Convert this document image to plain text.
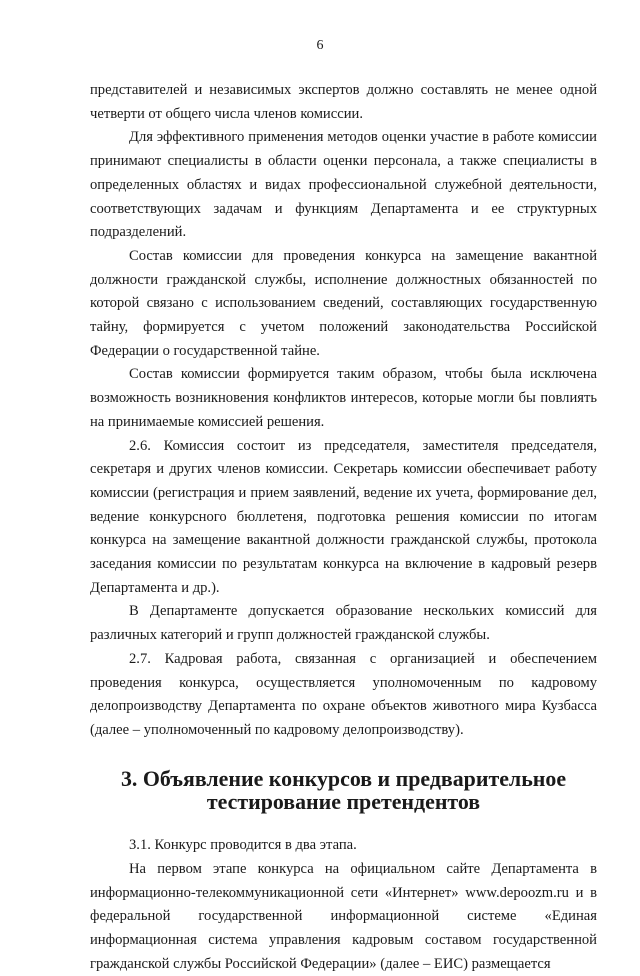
6

представителей и независимых экспертов должно составлять не менее одной четверти от общего числа членов комиссии.

Для эффективного применения методов оценки участие в работе комиссии принимают специалисты в области оценки персонала, а также специалисты в определенных областях и видах профессиональной служебной деятельности, соответствующих задачам и функциям Департамента и ее структурных подразделений.

Состав комиссии для проведения конкурса на замещение вакантной должности гражданской службы, исполнение должностных обязанностей по которой связано с использованием сведений, составляющих государственную тайну, формируется с учетом положений законодательства Российской Федерации о государственной тайне.

Состав комиссии формируется таким образом, чтобы была исключена возможность возникновения конфликтов интересов, которые могли бы повлиять на принимаемые комиссией решения.

2.6. Комиссия состоит из председателя, заместителя председателя, секретаря и других членов комиссии. Секретарь комиссии обеспечивает работу комиссии (регистрация и прием заявлений, ведение их учета, формирование дел, ведение конкурсного бюллетеня, подготовка решения комиссии по итогам конкурса на замещение вакантной должности гражданской службы, протокола заседания комиссии по результатам конкурса на включение в кадровый резерв Департамента и др.).

В Департаменте допускается образование нескольких комиссий для различных категорий и групп должностей гражданской службы.

2.7. Кадровая работа, связанная с организацией и обеспечением проведения конкурса, осуществляется уполномоченным по кадровому делопроизводству Департамента по охране объектов животного мира Кузбасса (далее – уполномоченный по кадровому делопроизводству).

3. Объявление конкурсов и предварительное
тестирование претендентов

3.1. Конкурс проводится в два этапа.

На первом этапе конкурса на официальном сайте Департамента в информационно-телекоммуникационной сети «Интернет» www.depoozm.ru и в федеральной государственной информационной системе «Единая информационная система управления кадровым составом государственной гражданской службы Российской Федерации» (далее – ЕИС) размещается
